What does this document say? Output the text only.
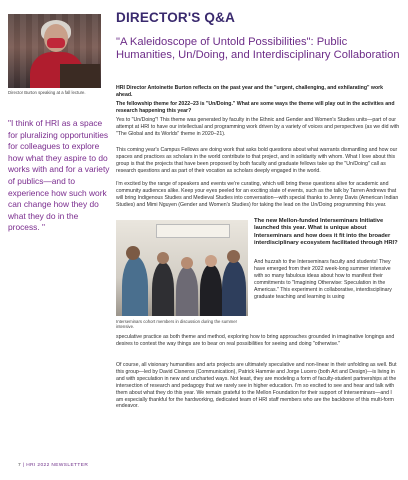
Director Burton speaking at a fall lecture.
"I think of HRI as a space for pluralizing opportunities for colleagues to explore how what they aspire to do works with and for a variety of publics—and to experience how such work can change how they do what they do in the process. "
DIRECTOR'S Q&A
"A Kaleidoscope of Untold Possibilities": Public Humanities, Un/Doing, and Interdisciplinary Collaboration
HRI Director Antoinette Burton reflects on the past year and the "urgent, challenging, and exhilarating" work ahead.
The fellowship theme for 2022–23 is "Un/Doing." What are some ways the theme will play out in the activities and research happening this year?
Yes to "Un/Doing"! This theme was generated by faculty in the Ethnic and Gender and Women's Studies units—part of our attempt at HRI to have our intellectual and programming work driven by a variety of voices and perspectives (as we did with "The Global and its Worlds" theme in 2020–21).
This coming year's Campus Fellows are doing work that asks bold questions about what warrants dismantling and how our spaces and practices as scholars in the world contribute to that project, and in solidarity with whom. What I love about this group is that the projects that have been proposed by both faculty and graduate fellows take up the "Un/Doing" call as research questions and as part of their vocation as scholars deeply engaged in the world.
I'm excited by the range of speakers and events we're curating, which will bring these questions alive for academic and community audiences alike. Keep your eyes peeled for an exciting slate of events, such as the talk by Tarren Andrews that will bring Indigenous Studies and Medieval Studies into conversation—with special thanks to Jenny Davis (American Indian Studies) and Mimi Nguyen (Gender and Women's Studies) for taking the lead on the Un/Doing programming this year.
Interseminars cohort members in discussion during the summer intensive.
The new Mellon-funded Interseminars Initiative launched this year. What is unique about Interseminars and how does it fit into the broader interdisciplinary ecosystem facilitated through HRI?
And huzzah to the Interseminars faculty and students! They have emerged from their 2022 week-long summer intensive with so many fabulous ideas about how to manifest their commitments to "Imagining Otherwise: Speculation in the Americas." This experiment in collaborative, interdisciplinary graduate teaching and learning is using
speculative practice as both theme and method, exploring how to bring approaches grounded in imaginative longings and desires to contest the way things are to bear on real possibilities for seeing and doing "otherwise."
Of course, all visionary humanities and arts projects are ultimately speculative and non-linear in their unfolding as well. But this group—led by David Cisneros (Communication), Patrick Hammie and Jorge Lucero (both Art and Design)—is living in and with speculation in new and uncharted ways. Not least, they are modeling a form of faculty-student partnerships at the intersection of research and pedagogy that we rarely see in higher education. I'm so excited to see and hear and talk with them about what they do this year. We remain grateful to the Mellon Foundation for their support of Interseminars—and I am especially thankful for the hardworking, dedicated team of HRI staff members who are the backbone of this multi-form endeavor.
7 | HRI 2022 NEWSLETTER
